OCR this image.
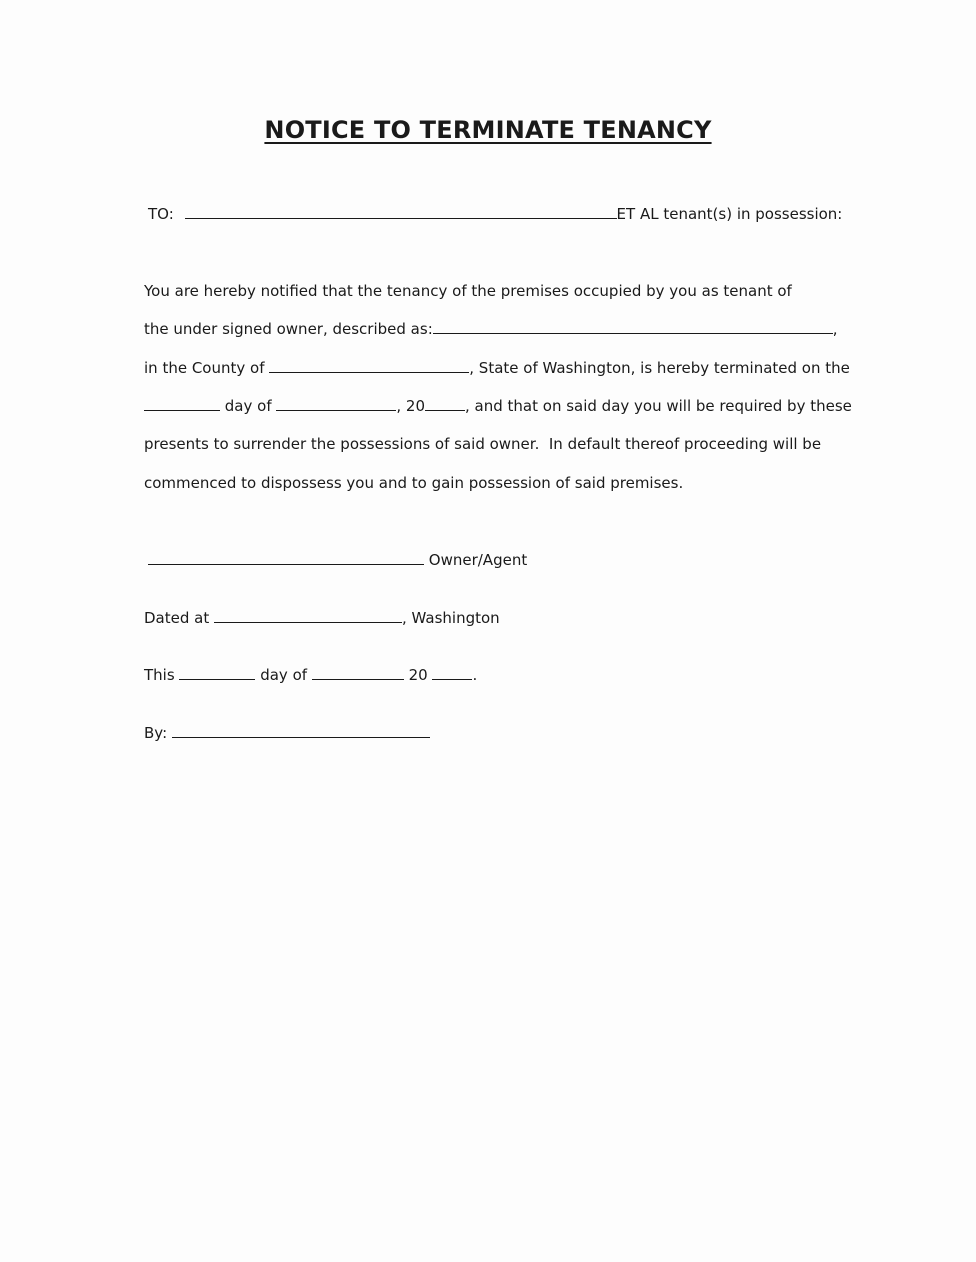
NOTICE TO TERMINATE TENANCY
TO:	ET AL tenant(s) in possession:
You are hereby notified that the tenancy of the premises occupied by you as tenant of
the under signed owner, described as:	,
in the County of	, State of Washington, is hereby terminated on the
day of	, 20	, and that on said day you will be required by these
presents to surrender the possessions of said owner.  In default thereof proceeding will be
commenced to dispossess you and to gain possession of said premises.
Owner/Agent
Dated at	, Washington
This	day of	20	.
By:
